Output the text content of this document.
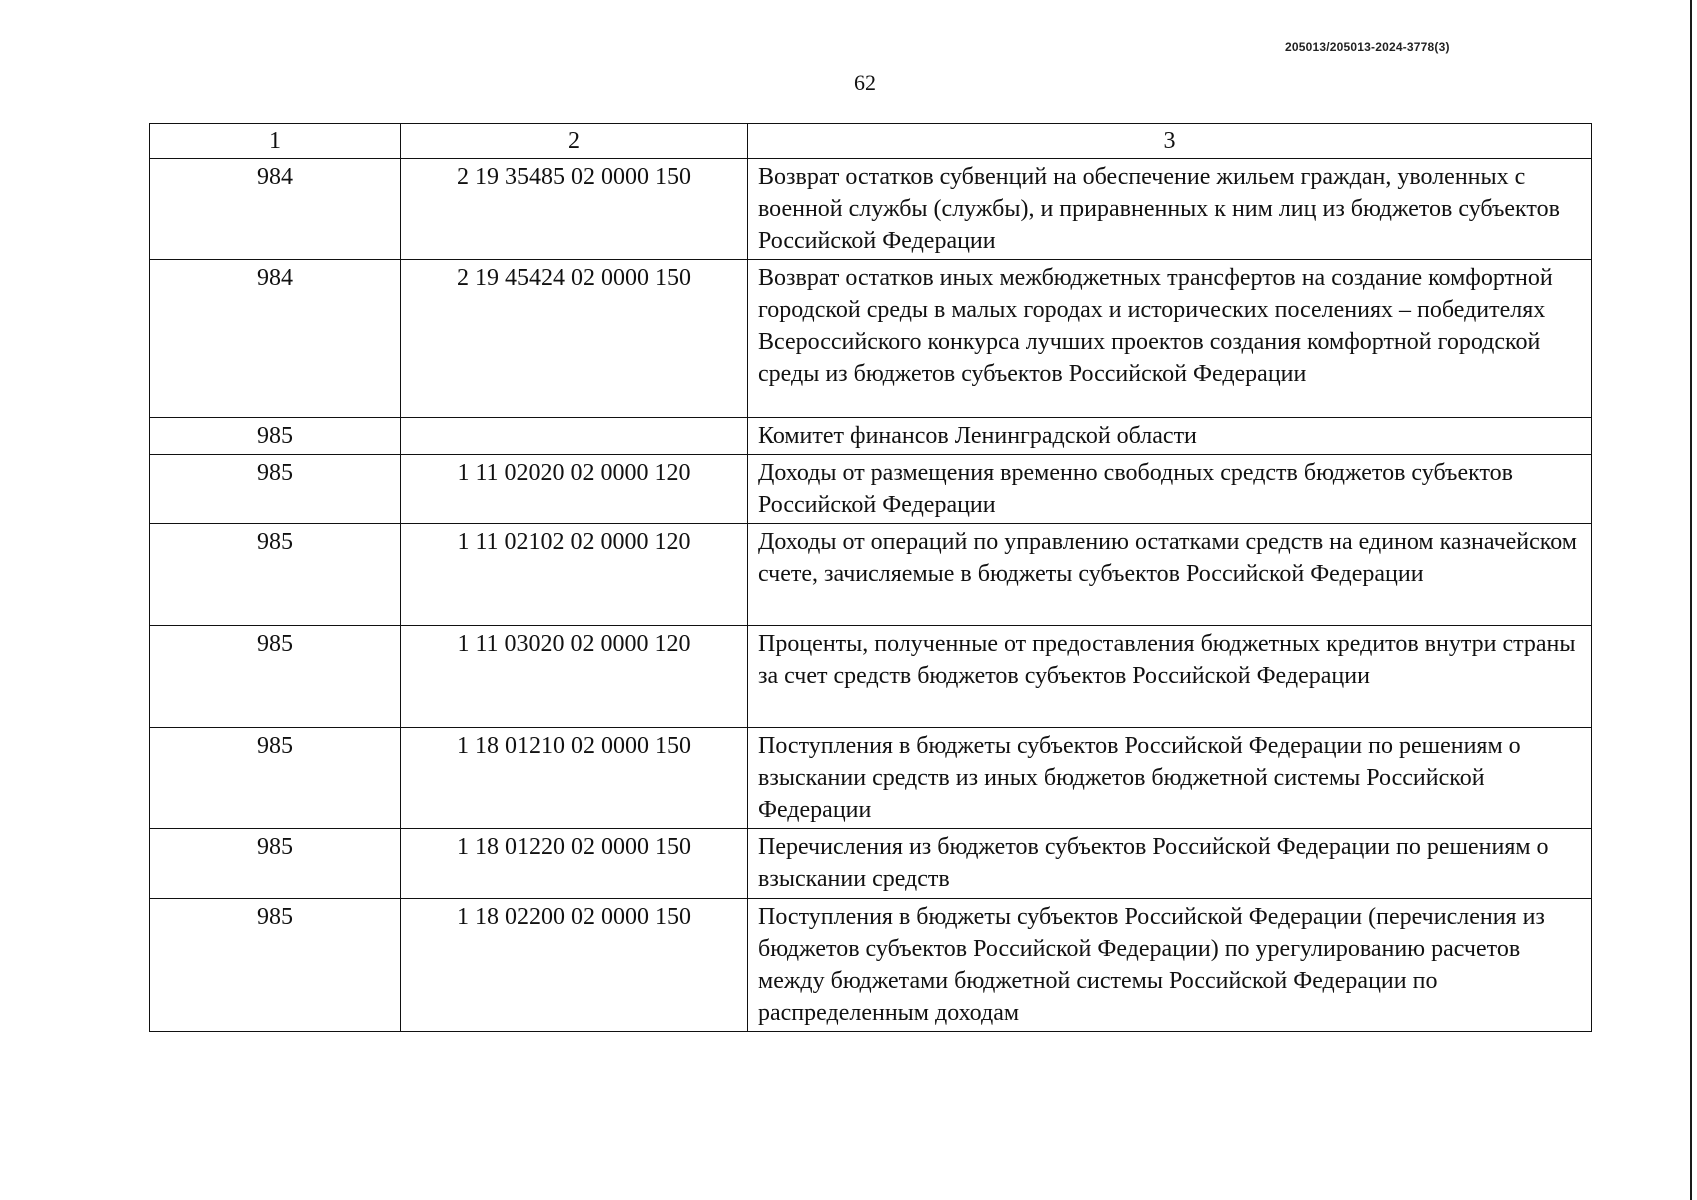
205013/205013-2024-3778(3)
62
1	2	3
984	2 19 35485 02 0000 150	Возврат остатков субвенций на обеспечение жильем граждан, уволенных с военной службы (службы), и приравненных к ним лиц из бюджетов субъектов Российской Федерации
984	2 19 45424 02 0000 150	Возврат остатков иных межбюджетных трансфертов на создание комфортной городской среды в малых городах и исторических поселениях – победителях Всероссийского конкурса лучших проектов создания комфортной городской среды из бюджетов субъектов Российской Федерации
985		Комитет финансов Ленинградской области
985	1 11 02020 02 0000 120	Доходы от размещения временно свободных средств бюджетов субъектов Российской Федерации
985	1 11 02102 02 0000 120	Доходы от операций по управлению остатками средств на едином казначейском счете, зачисляемые в бюджеты субъектов Российской Федерации
985	1 11 03020 02 0000 120	Проценты, полученные от предоставления бюджетных кредитов внутри страны за счет средств бюджетов субъектов Российской Федерации
985	1 18 01210 02 0000 150	Поступления в бюджеты субъектов Российской Федерации по решениям о взыскании средств из иных бюджетов бюджетной системы Российской Федерации
985	1 18 01220 02 0000 150	Перечисления из бюджетов субъектов Российской Федерации по решениям о взыскании средств
985	1 18 02200 02 0000 150	Поступления в бюджеты субъектов Российской Федерации (перечисления из бюджетов субъектов Российской Федерации) по урегулированию расчетов между бюджетами бюджетной системы Российской Федерации по распределенным доходам
